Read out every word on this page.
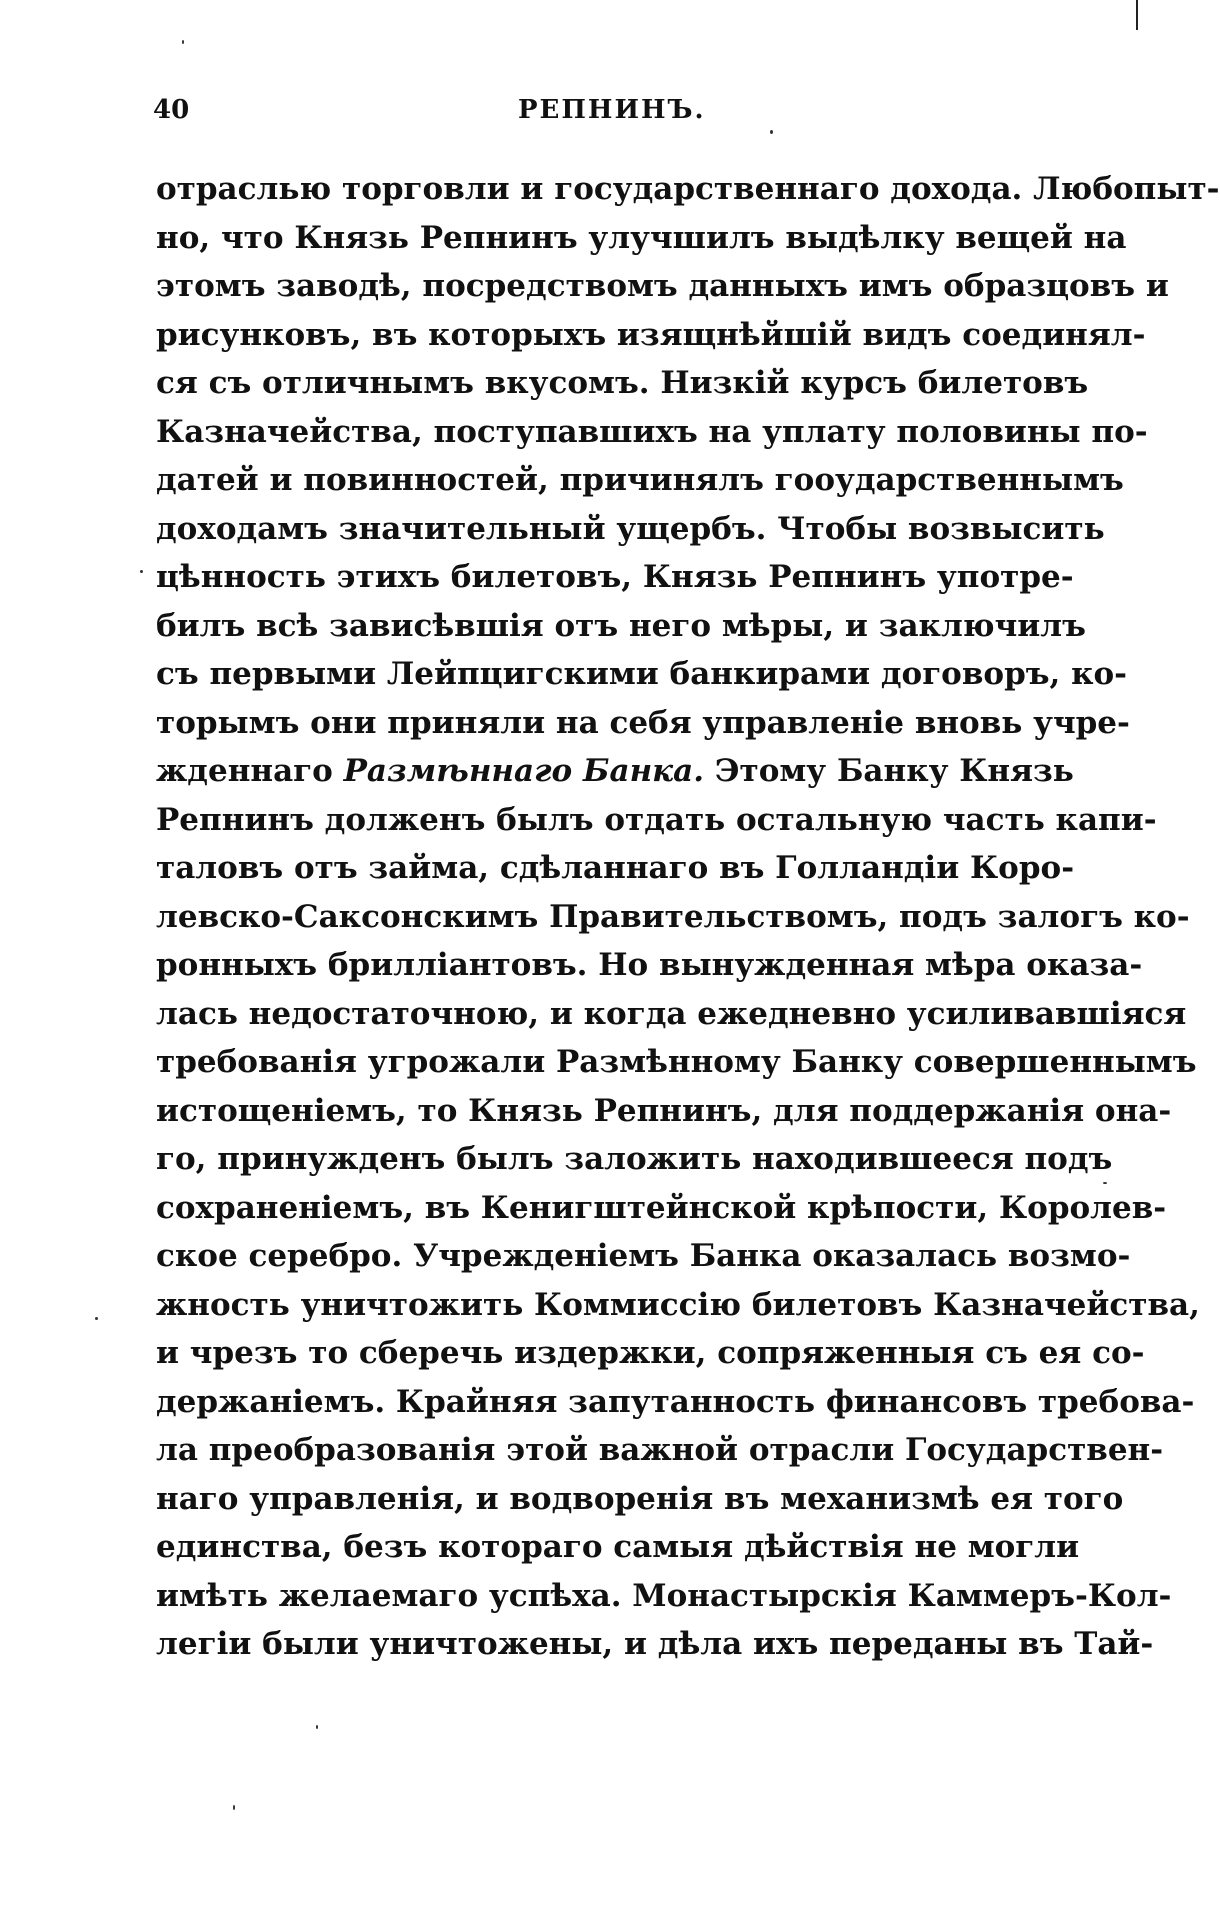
40	РЕПНИНЪ.
отраслью торговли и государственнаго дохода. Любопыт-
но, что Князь Репнинъ улучшилъ выдѣлку вещей на
этомъ заводѣ, посредствомъ данныхъ имъ образцовъ и
рисунковъ, въ которыхъ изящнѣйшій видъ соединял-
ся съ отличнымъ вкусомъ. Низкій курсъ билетовъ
Казначейства, поступавшихъ на уплату половины по-
датей и повинностей, причинялъ гоoударственнымъ
доходамъ значительный ущербъ. Чтобы возвысить
цѣнность этихъ билетовъ, Князь Репнинъ употре-
билъ всѣ зависѣвшія отъ него мѣры, и заключилъ
съ первыми Лейпцигскими банкирами договоръ, ко-
торымъ они приняли на себя управленіе вновь учре-
жденнаго Размѣннаго Банка. Этому Банку Князь
Репнинъ долженъ былъ отдать остальную часть капи-
таловъ отъ займа, сдѣланнаго въ Голландіи Коро-
левско-Саксонскимъ Правительствомъ, подъ залогъ ко-
ронныхъ бриллiантовъ. Но вынужденная мѣра оказа-
лась недостаточною, и когда ежедневно усиливавшіяся
требованія угрожали Размѣнному Банку совершеннымъ
истощеніемъ, то Князь Репнинъ, для поддержанія она-
го, принужденъ былъ заложить находившееся подъ
сохраненіемъ, въ Кенигштейнской крѣпости, Королев-
ское серебро. Учрежденіемъ Банка оказалась возмо-
жность уничтожить Коммиссію билетовъ Казначейства,
и чрезъ то сберечь издержки, сопряженныя съ ея со-
держаніемъ. Крайняя запутанность финансовъ требова-
ла преобразованія этой важной отрасли Государствен-
наго управленія, и водворенія въ механизмѣ ея того
единства, безъ котораго самыя дѣйствія не могли
имѣть желаемаго успѣха. Монастырскія Каммеръ-Кол-
легіи были уничтожены, и дѣла ихъ переданы въ Тай-
